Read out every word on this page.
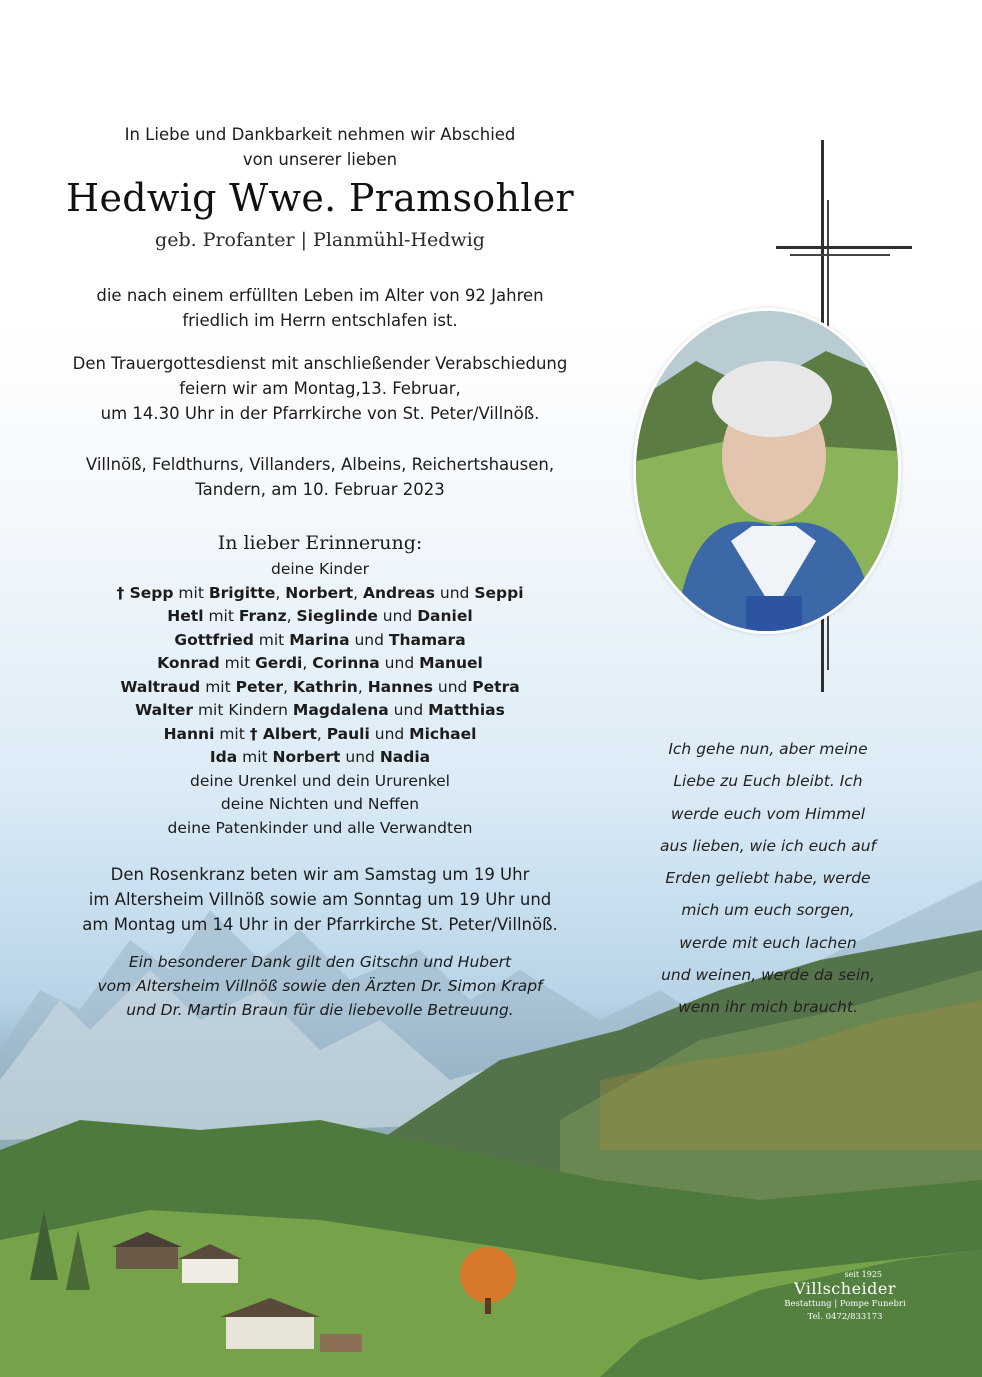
In Liebe und Dankbarkeit nehmen wir Abschied
von unserer lieben
Hedwig Wwe. Pramsohler
geb. Profanter | Planmühl-Hedwig
die nach einem erfüllten Leben im Alter von 92 Jahren
friedlich im Herrn entschlafen ist.
Den Trauergottesdienst mit anschließender Verabschiedung
feiern wir am Montag,13. Februar,
um 14.30 Uhr in der Pfarrkirche von St. Peter/Villnöß.
Villnöß, Feldthurns, Villanders, Albeins, Reichertshausen,
Tandern, am 10. Februar 2023
In lieber Erinnerung:
deine Kinder
† Sepp mit Brigitte, Norbert, Andreas und Seppi
Hetl mit Franz, Sieglinde und Daniel
Gottfried mit Marina und Thamara
Konrad mit Gerdi, Corinna und Manuel
Waltraud mit Peter, Kathrin, Hannes und Petra
Walter mit Kindern Magdalena und Matthias
Hanni mit † Albert, Pauli und Michael
Ida mit Norbert und Nadia
deine Urenkel und dein Ururenkel
deine Nichten und Neffen
deine Patenkinder und alle Verwandten
Den Rosenkranz beten wir am Samstag um 19 Uhr
im Altersheim Villnöß sowie am Sonntag um 19 Uhr und
am Montag um 14 Uhr in der Pfarrkirche St. Peter/Villnöß.
Ein besonderer Dank gilt den Gitschn und Hubert
vom Altersheim Villnöß sowie den Ärzten Dr. Simon Krapf
und Dr. Martin Braun für die liebevolle Betreuung.
Ich gehe nun, aber meine
Liebe zu Euch bleibt. Ich
werde euch vom Himmel
aus lieben, wie ich euch auf
Erden geliebt habe, werde
mich um euch sorgen,
werde mit euch lachen
und weinen, werde da sein,
wenn ihr mich braucht.
seit 1925
Villscheider
Bestattung | Pompe Funebri
Tel. 0472/833173
